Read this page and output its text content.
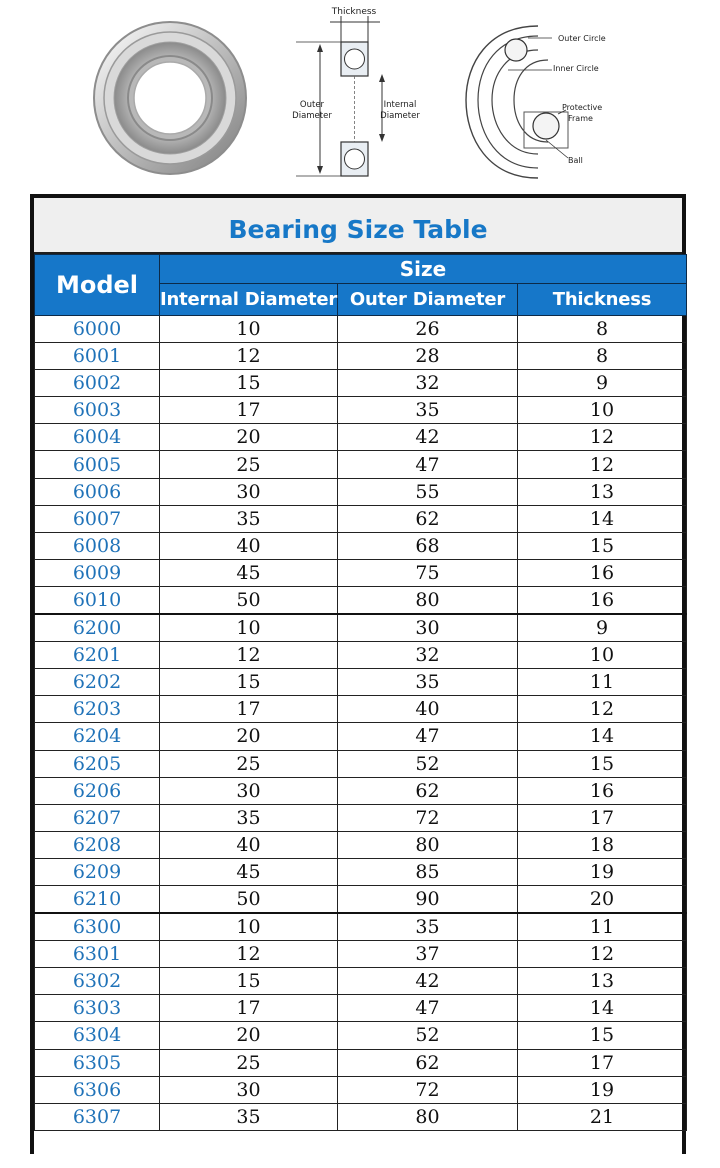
Thickness
Outer
Diameter
Internal
Diameter
Outer Circle
Inner Circle
Protective
Frame
Ball
Bearing Size Table
Model	Size		
	Internal Diameter	Outer Diameter	Thickness
6000	10	26	8
6001	12	28	8
6002	15	32	9
6003	17	35	10
6004	20	42	12
6005	25	47	12
6006	30	55	13
6007	35	62	14
6008	40	68	15
6009	45	75	16
6010	50	80	16
6200	10	30	9
6201	12	32	10
6202	15	35	11
6203	17	40	12
6204	20	47	14
6205	25	52	15
6206	30	62	16
6207	35	72	17
6208	40	80	18
6209	45	85	19
6210	50	90	20
6300	10	35	11
6301	12	37	12
6302	15	42	13
6303	17	47	14
6304	20	52	15
6305	25	62	17
6306	30	72	19
6307	35	80	21
